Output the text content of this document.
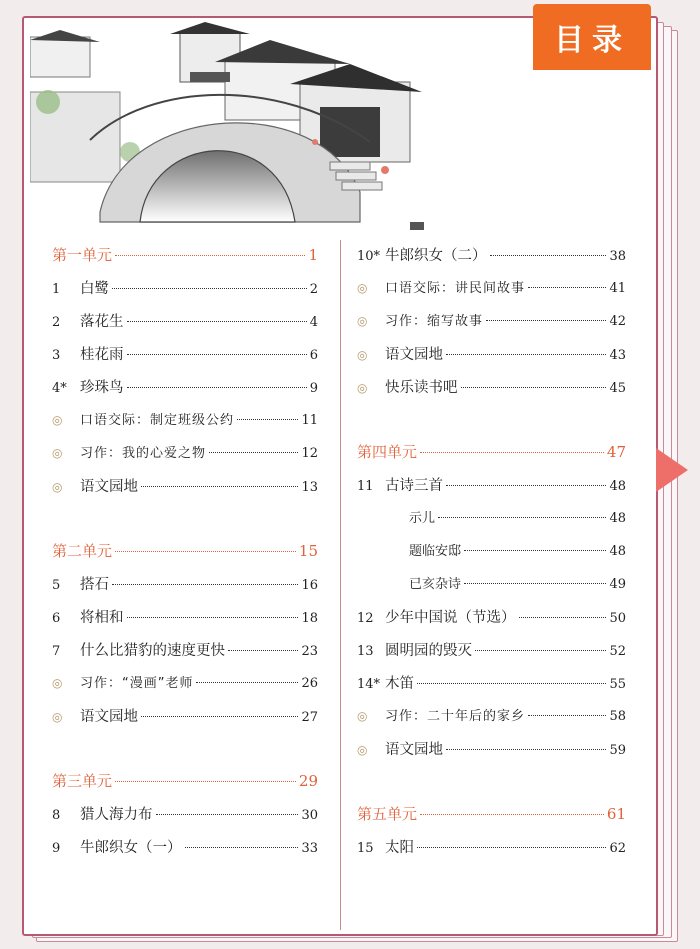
目录
第一单元	1
1	白鹭	2
2	落花生	4
3	桂花雨	6
4* 珍珠鸟	9
◎	口语交际：制定班级公约	11
◎	习作：我的心爱之物	12
◎	语文园地	13
第二单元	15
5	搭石	16
6	将相和	18
7	什么比猎豹的速度更快	23
◎	习作：“漫画”老师	26
◎	语文园地	27
第三单元	29
8	猎人海力布	30
9	牛郎织女（一）	33
10* 牛郎织女（二）	38
◎	口语交际：讲民间故事	41
◎	习作：缩写故事	42
◎	语文园地	43
◎	快乐读书吧	45
第四单元	47
11 古诗三首	48
示儿	48
题临安邸	48
已亥杂诗	49
12 少年中国说（节选）	50
13 圆明园的毁灭	52
14* 木笛	55
◎	习作：二十年后的家乡	58
◎	语文园地	59
第五单元	61
15 太阳	62
